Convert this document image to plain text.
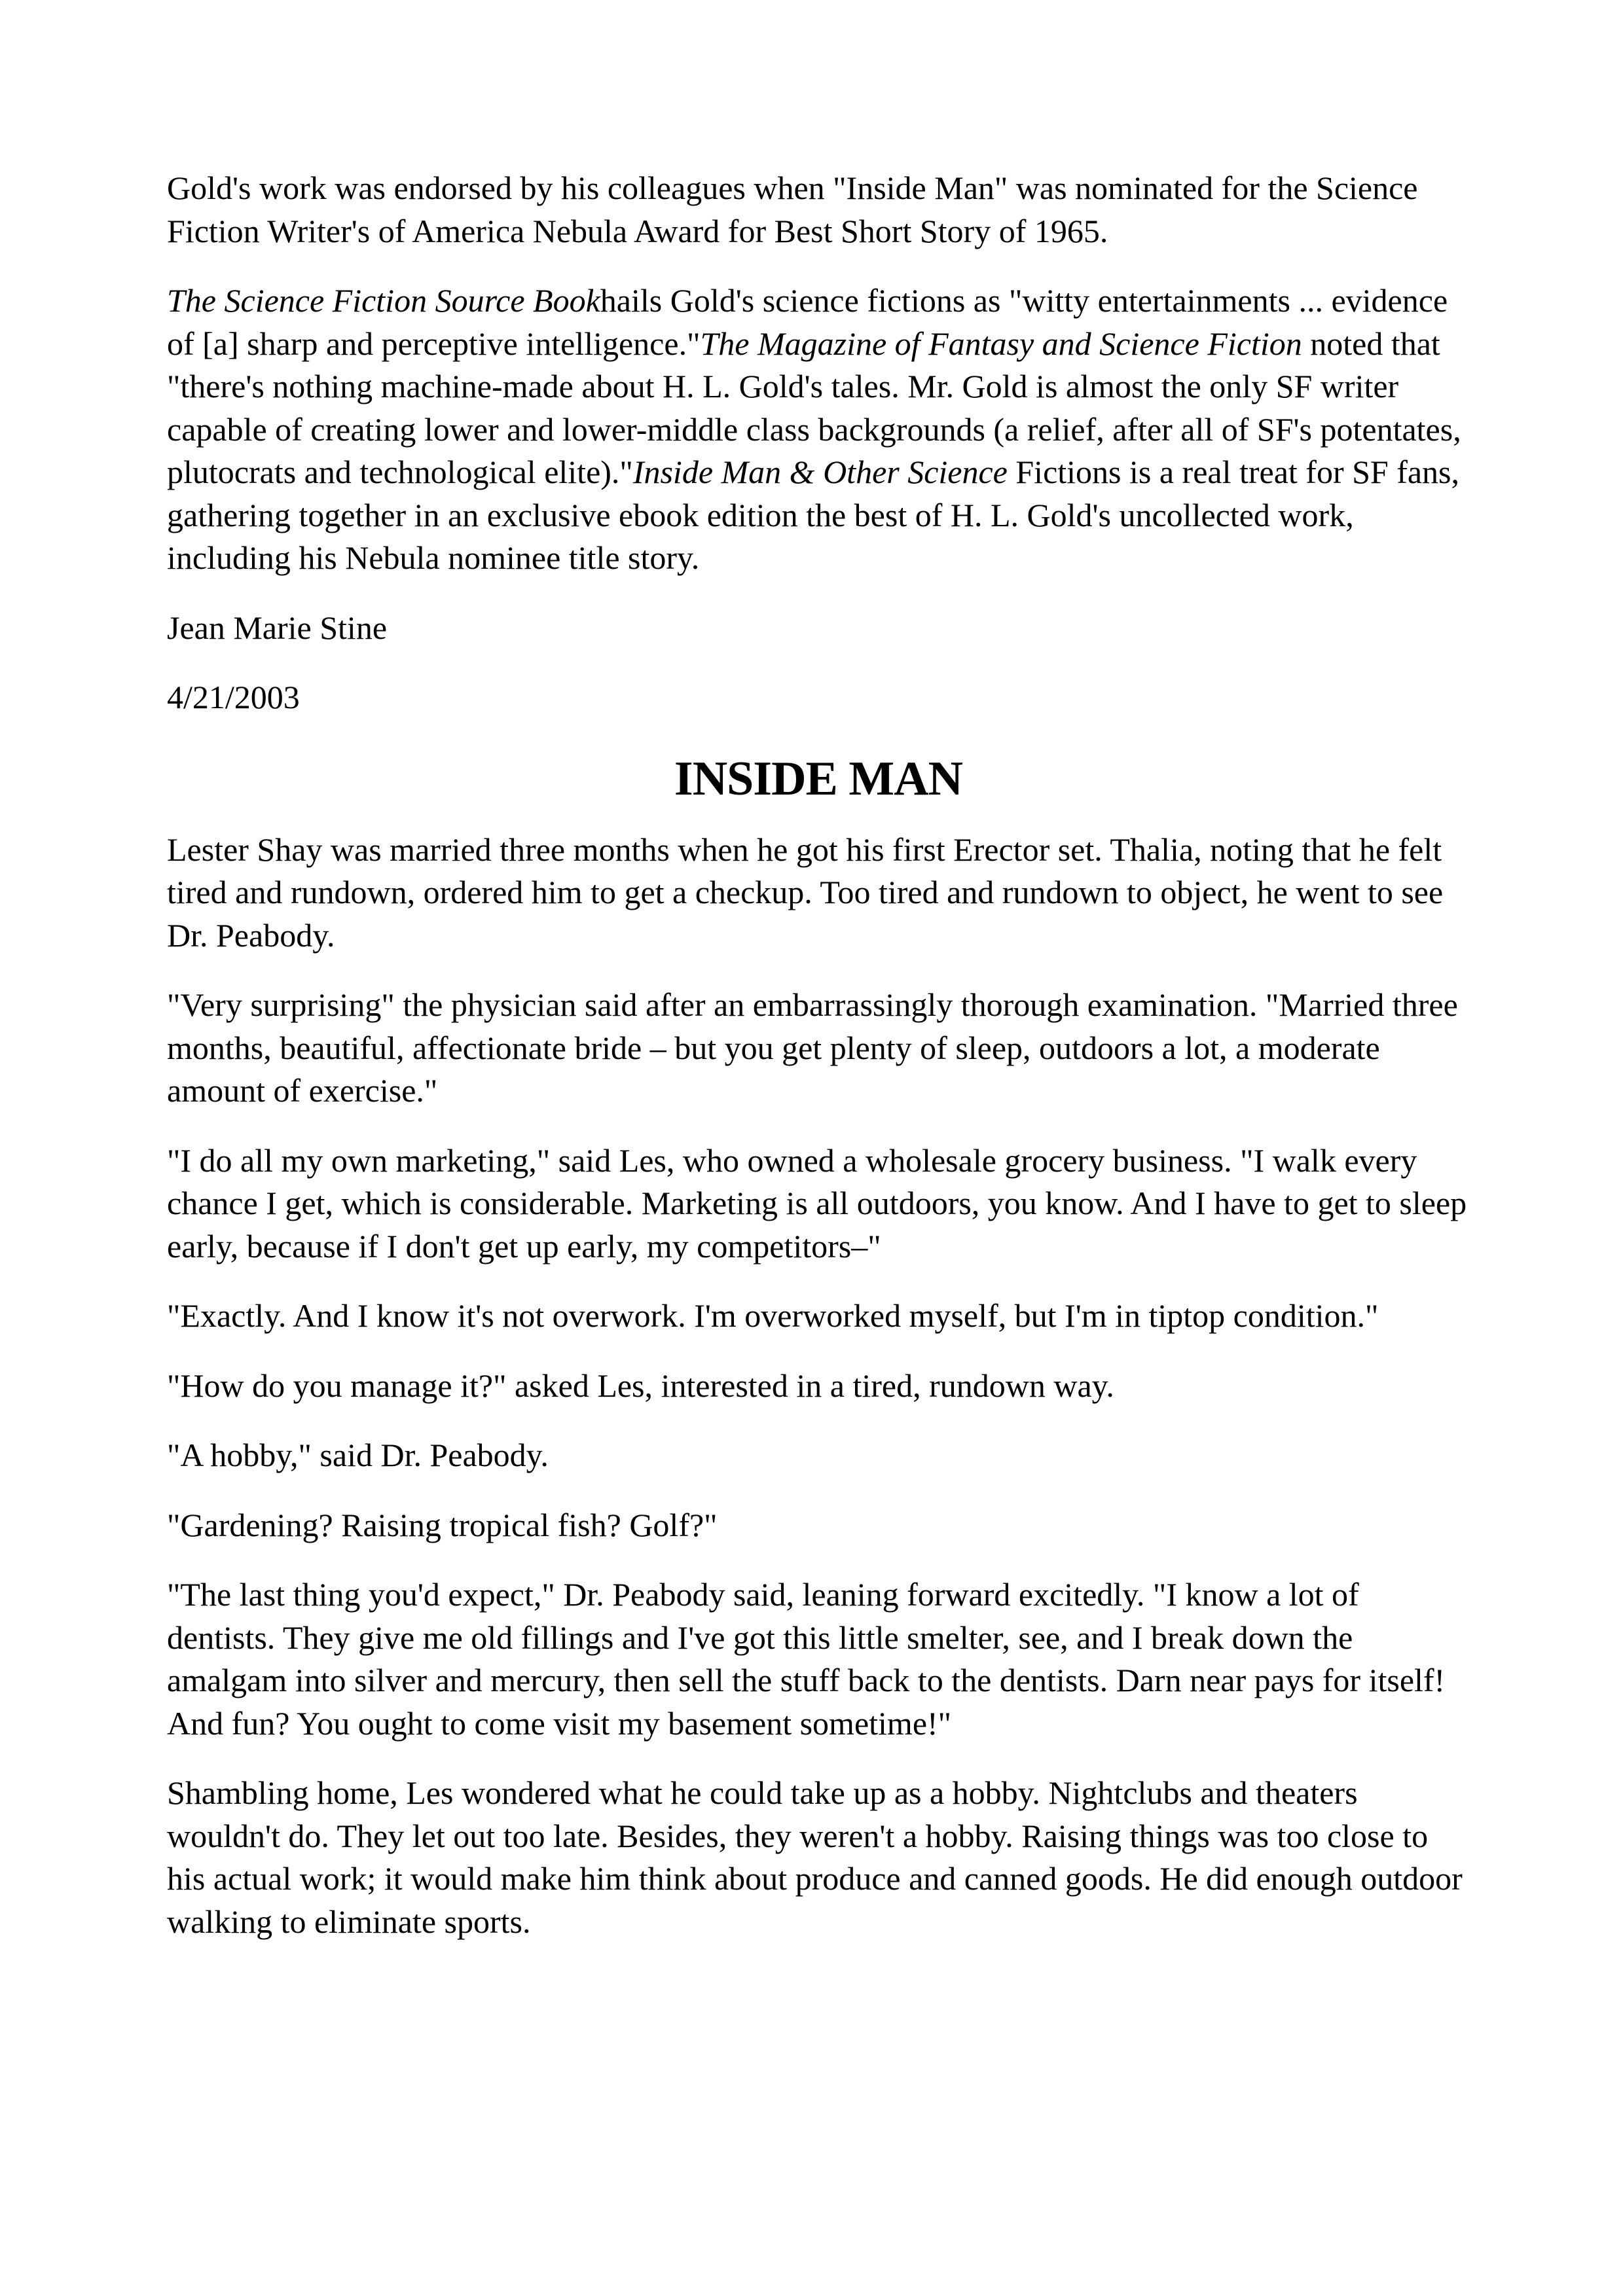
Gold's work was endorsed by his colleagues when "Inside Man" was nominated for the Science Fiction Writer's of America Nebula Award for Best Short Story of 1965.

The Science Fiction Source Bookhails Gold's science fictions as "witty entertainments ... evidence of [a] sharp and perceptive intelligence."The Magazine of Fantasy and Science Fiction noted that "there's nothing machine-made about H. L. Gold's tales. Mr. Gold is almost the only SF writer capable of creating lower and lower-middle class backgrounds (a relief, after all of SF's potentates, plutocrats and technological elite)."Inside Man & Other Science Fictions is a real treat for SF fans, gathering together in an exclusive ebook edition the best of H. L. Gold's uncollected work, including his Nebula nominee title story.

Jean Marie Stine

4/21/2003

INSIDE MAN

Lester Shay was married three months when he got his first Erector set. Thalia, noting that he felt tired and rundown, ordered him to get a checkup. Too tired and rundown to object, he went to see Dr. Peabody.

"Very surprising" the physician said after an embarrassingly thorough examination. "Married three months, beautiful, affectionate bride – but you get plenty of sleep, outdoors a lot, a moderate amount of exercise."

"I do all my own marketing," said Les, who owned a wholesale grocery business. "I walk every chance I get, which is considerable. Marketing is all outdoors, you know. And I have to get to sleep early, because if I don't get up early, my competitors–"

"Exactly. And I know it's not overwork. I'm overworked myself, but I'm in tiptop condition."

"How do you manage it?" asked Les, interested in a tired, rundown way.

"A hobby," said Dr. Peabody.

"Gardening? Raising tropical fish? Golf?"

"The last thing you'd expect," Dr. Peabody said, leaning forward excitedly. "I know a lot of dentists. They give me old fillings and I've got this little smelter, see, and I break down the amalgam into silver and mercury, then sell the stuff back to the dentists. Darn near pays for itself! And fun? You ought to come visit my basement sometime!"

Shambling home, Les wondered what he could take up as a hobby. Nightclubs and theaters wouldn't do. They let out too late. Besides, they weren't a hobby. Raising things was too close to his actual work; it would make him think about produce and canned goods. He did enough outdoor walking to eliminate sports.
